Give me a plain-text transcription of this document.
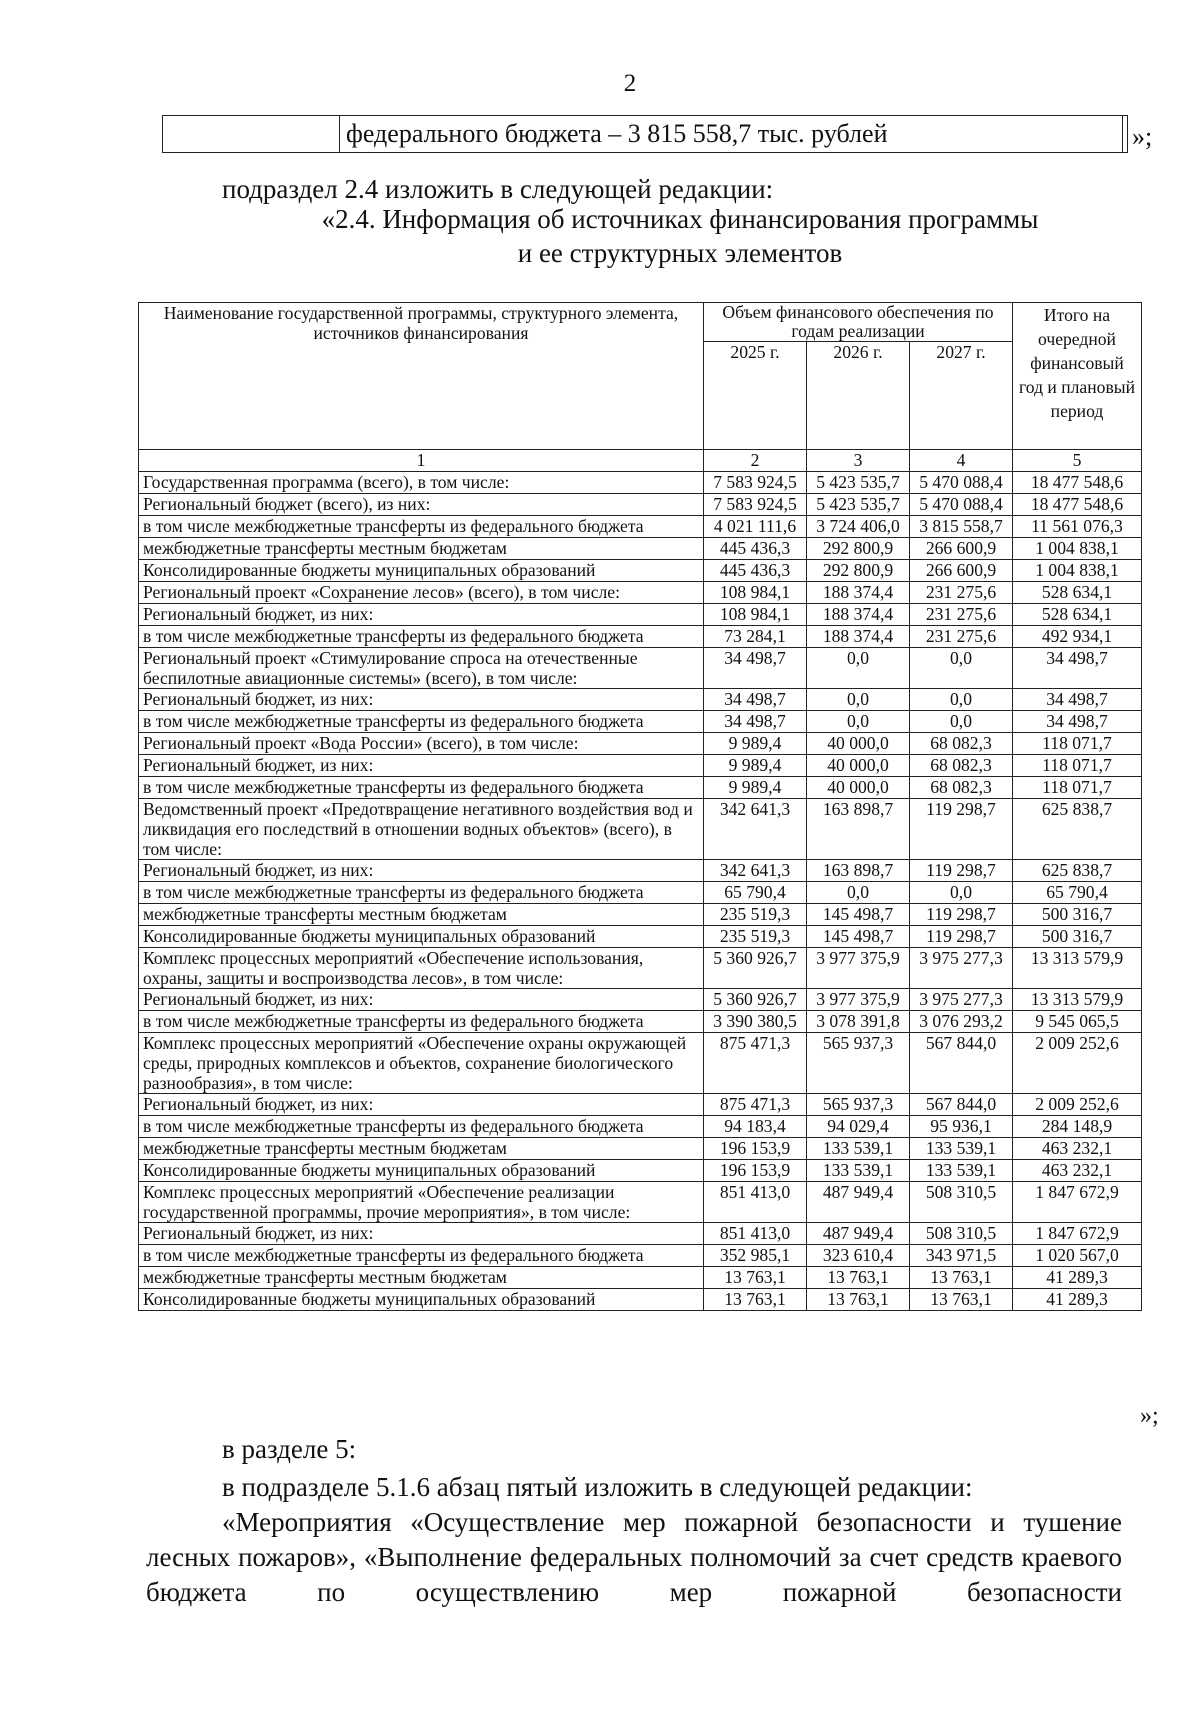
2
	федерального бюджета – 3 815 558,7 тыс. рублей		»;
подраздел 2.4 изложить в следующей редакции:
«2.4. Информация об источниках финансирования программы
и ее структурных элементов
Наименование государственной программы, структурного элемента, источников финансирования	Объем финансового обеспечения по годам реализации			Итого на очередной финансовый год и плановый период
	2025 г.	2026 г.	2027 г.	
1	2	3	4	5
Государственная программа (всего), в том числе:	7 583 924,5	5 423 535,7	5 470 088,4	18 477 548,6
Региональный бюджет (всего), из них:	7 583 924,5	5 423 535,7	5 470 088,4	18 477 548,6
в том числе межбюджетные трансферты из федерального бюджета	4 021 111,6	3 724 406,0	3 815 558,7	11 561 076,3
межбюджетные трансферты местным бюджетам	445 436,3	292 800,9	266 600,9	1 004 838,1
Консолидированные бюджеты муниципальных образований	445 436,3	292 800,9	266 600,9	1 004 838,1
Региональный проект «Сохранение лесов» (всего), в том числе:	108 984,1	188 374,4	231 275,6	528 634,1
Региональный бюджет, из них:	108 984,1	188 374,4	231 275,6	528 634,1
в том числе межбюджетные трансферты из федерального бюджета	73 284,1	188 374,4	231 275,6	492 934,1
Региональный проект «Стимулирование спроса на отечественные беспилотные авиационные системы» (всего), в том числе:	34 498,7	0,0	0,0	34 498,7
Региональный бюджет, из них:	34 498,7	0,0	0,0	34 498,7
в том числе межбюджетные трансферты из федерального бюджета	34 498,7	0,0	0,0	34 498,7
Региональный проект «Вода России» (всего), в том числе:	9 989,4	40 000,0	68 082,3	118 071,7
Региональный бюджет, из них:	9 989,4	40 000,0	68 082,3	118 071,7
в том числе межбюджетные трансферты из федерального бюджета	9 989,4	40 000,0	68 082,3	118 071,7
Ведомственный проект «Предотвращение негативного воздействия вод и ликвидация его последствий в отношении водных объектов» (всего), в том числе:	342 641,3	163 898,7	119 298,7	625 838,7
Региональный бюджет, из них:	342 641,3	163 898,7	119 298,7	625 838,7
в том числе межбюджетные трансферты из федерального бюджета	65 790,4	0,0	0,0	65 790,4
межбюджетные трансферты местным бюджетам	235 519,3	145 498,7	119 298,7	500 316,7
Консолидированные бюджеты муниципальных образований	235 519,3	145 498,7	119 298,7	500 316,7
Комплекс процессных мероприятий «Обеспечение использования, охраны, защиты и воспроизводства лесов», в том числе:	5 360 926,7	3 977 375,9	3 975 277,3	13 313 579,9
Региональный бюджет, из них:	5 360 926,7	3 977 375,9	3 975 277,3	13 313 579,9
в том числе межбюджетные трансферты из федерального бюджета	3 390 380,5	3 078 391,8	3 076 293,2	9 545 065,5
Комплекс процессных мероприятий «Обеспечение охраны окружающей среды, природных комплексов и объектов, сохранение биологического разнообразия», в том числе:	875 471,3	565 937,3	567 844,0	2 009 252,6
Региональный бюджет, из них:	875 471,3	565 937,3	567 844,0	2 009 252,6
в том числе межбюджетные трансферты из федерального бюджета	94 183,4	94 029,4	95 936,1	284 148,9
межбюджетные трансферты местным бюджетам	196 153,9	133 539,1	133 539,1	463 232,1
Консолидированные бюджеты муниципальных образований	196 153,9	133 539,1	133 539,1	463 232,1
Комплекс процессных мероприятий «Обеспечение реализации государственной программы, прочие мероприятия», в том числе:	851 413,0	487 949,4	508 310,5	1 847 672,9
Региональный бюджет, из них:	851 413,0	487 949,4	508 310,5	1 847 672,9
в том числе межбюджетные трансферты из федерального бюджета	352 985,1	323 610,4	343 971,5	1 020 567,0
межбюджетные трансферты местным бюджетам	13 763,1	13 763,1	13 763,1	41 289,3
Консолидированные бюджеты муниципальных образований	13 763,1	13 763,1	13 763,1	41 289,3
»;
в разделе 5:
в подразделе 5.1.6 абзац пятый изложить в следующей редакции:
«Мероприятия «Осуществление мер пожарной безопасности и тушение лесных пожаров», «Выполнение федеральных полномочий за счет средств краевого бюджета по осуществлению мер пожарной безопасности
